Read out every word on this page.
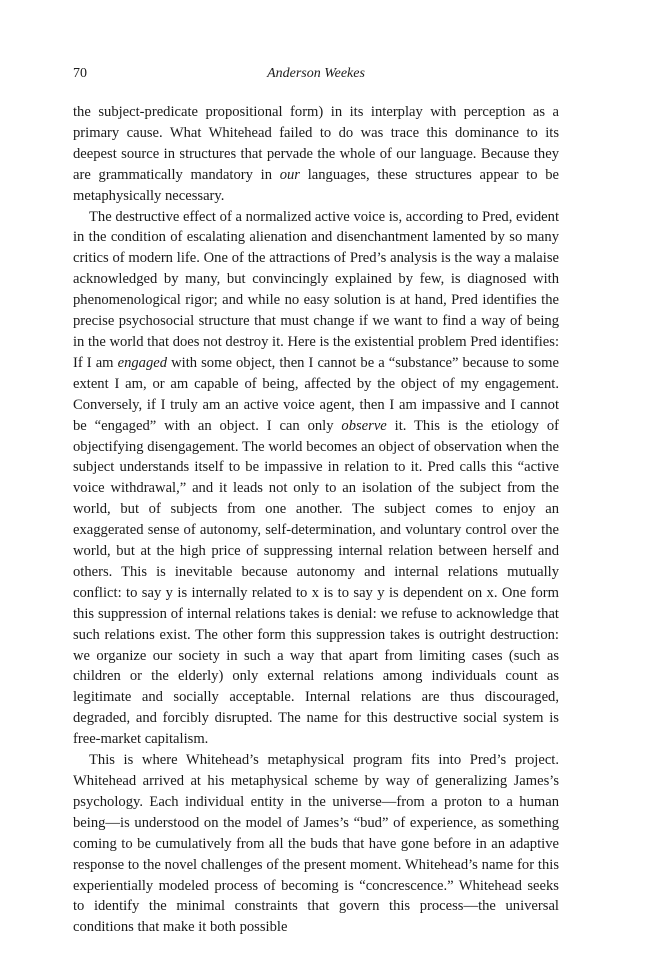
70	Anderson Weekes

the subject-predicate propositional form) in its interplay with perception as a primary cause. What Whitehead failed to do was trace this dominance to its deepest source in structures that pervade the whole of our language. Because they are grammatically mandatory in our languages, these structures appear to be metaphysically necessary.

The destructive effect of a normalized active voice is, according to Pred, evident in the condition of escalating alienation and disenchantment lamented by so many critics of modern life. One of the attractions of Pred’s analysis is the way a malaise acknowledged by many, but convincingly explained by few, is diagnosed with phenomenological rigor; and while no easy solution is at hand, Pred identifies the precise psychosocial structure that must change if we want to find a way of being in the world that does not destroy it. Here is the existential problem Pred identifies: If I am engaged with some object, then I cannot be a “substance” because to some extent I am, or am capable of being, affected by the object of my engagement. Conversely, if I truly am an active voice agent, then I am impassive and I cannot be “engaged” with an object. I can only observe it. This is the etiology of objectifying disengagement. The world becomes an object of observation when the subject understands itself to be impassive in relation to it. Pred calls this “active voice withdrawal,” and it leads not only to an isolation of the subject from the world, but of subjects from one another. The subject comes to enjoy an exaggerated sense of autonomy, self-determination, and voluntary control over the world, but at the high price of suppressing internal relation between herself and others. This is inevitable because autonomy and internal relations mutually conflict: to say y is internally related to x is to say y is dependent on x. One form this suppression of internal relations takes is denial: we refuse to acknowledge that such relations exist. The other form this suppression takes is outright destruction: we organize our society in such a way that apart from limiting cases (such as children or the elderly) only external relations among individuals count as legitimate and socially acceptable. Internal relations are thus discouraged, degraded, and forcibly disrupted. The name for this destructive social system is free-market capitalism.

This is where Whitehead’s metaphysical program fits into Pred’s project. Whitehead arrived at his metaphysical scheme by way of generalizing James’s psychology. Each individual entity in the universe—from a proton to a human being—is understood on the model of James’s “bud” of experience, as something coming to be cumulatively from all the buds that have gone before in an adaptive response to the novel challenges of the present moment. Whitehead’s name for this experientially modeled process of becoming is “concrescence.” Whitehead seeks to identify the minimal constraints that govern this process—the universal conditions that make it both possible
